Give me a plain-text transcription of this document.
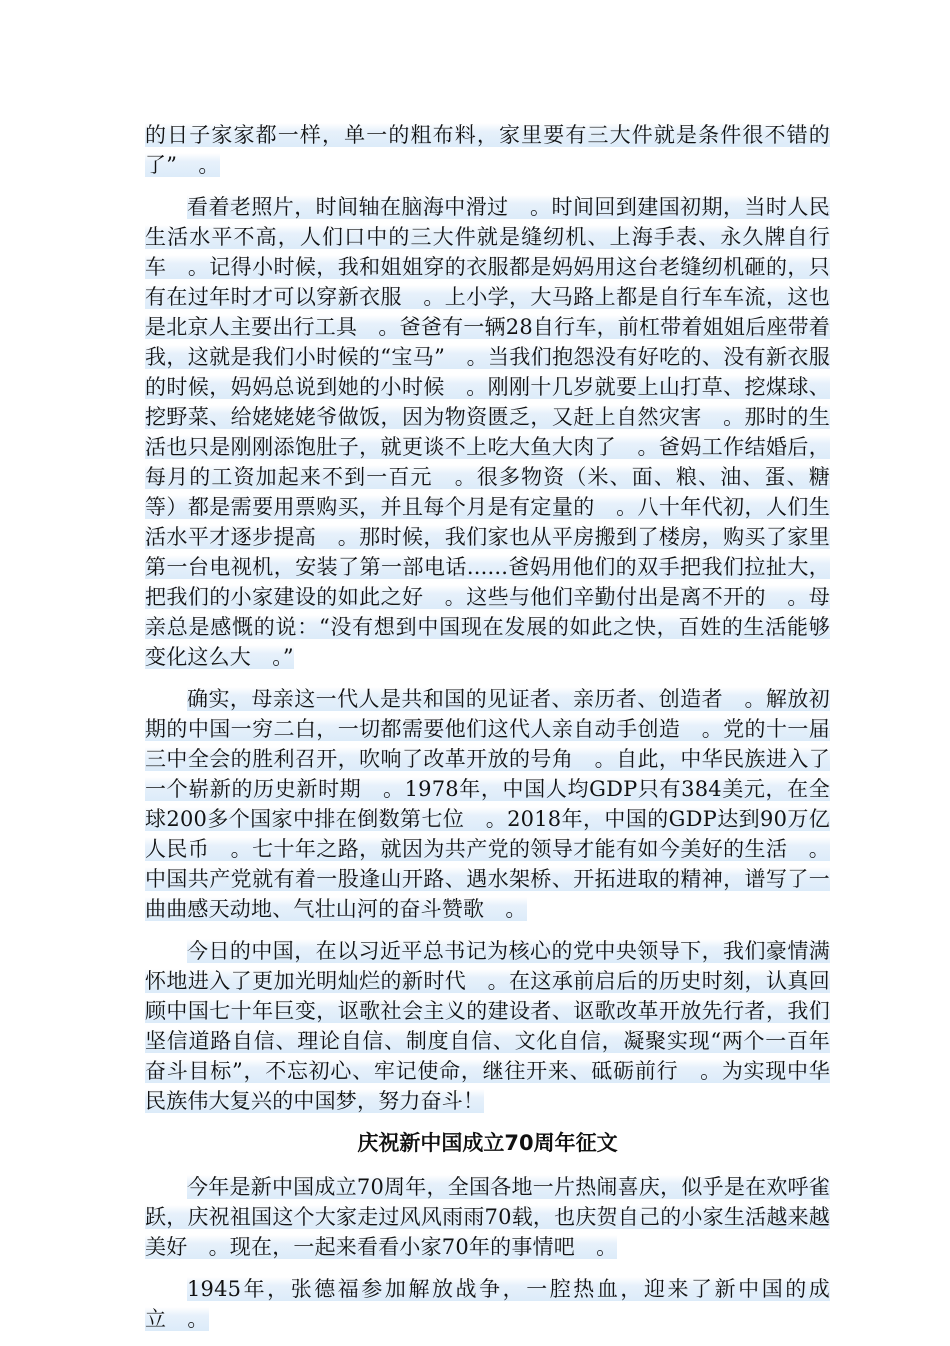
的日子家家都一样，单一的粗布料，家里要有三大件就是条件很不错的了”　。

看着老照片，时间轴在脑海中滑过　。时间回到建国初期，当时人民生活水平不高，人们口中的三大件就是缝纫机、上海手表、永久牌自行车　。记得小时候，我和姐姐穿的衣服都是妈妈用这台老缝纫机砸的，只有在过年时才可以穿新衣服　。上小学，大马路上都是自行车车流，这也是北京人主要出行工具　。爸爸有一辆28自行车，前杠带着姐姐后座带着我，这就是我们小时候的“宝马”　。当我们抱怨没有好吃的、没有新衣服的时候，妈妈总说到她的小时候　。刚刚十几岁就要上山打草、挖煤球、挖野菜、给姥姥姥爷做饭，因为物资匮乏，又赶上自然灾害　。那时的生活也只是刚刚添饱肚子，就更谈不上吃大鱼大肉了　。爸妈工作结婚后，每月的工资加起来不到一百元　。很多物资（米、面、粮、油、蛋、糖等）都是需要用票购买，并且每个月是有定量的　。八十年代初，人们生活水平才逐步提高　。那时候，我们家也从平房搬到了楼房，购买了家里第一台电视机，安装了第一部电话......爸妈用他们的双手把我们拉扯大，把我们的小家建设的如此之好　。这些与他们辛勤付出是离不开的　。母亲总是感慨的说：“没有想到中国现在发展的如此之快，百姓的生活能够变化这么大　。”

确实，母亲这一代人是共和国的见证者、亲历者、创造者　。解放初期的中国一穷二白，一切都需要他们这代人亲自动手创造　。党的十一届三中全会的胜利召开，吹响了改革开放的号角　。自此，中华民族进入了一个崭新的历史新时期　。1978年，中国人均GDP只有384美元，在全球200多个国家中排在倒数第七位　。2018年，中国的GDP达到90万亿人民币　。七十年之路，就因为共产党的领导才能有如今美好的生活　。中国共产党就有着一股逢山开路、遇水架桥、开拓进取的精神，谱写了一曲曲感天动地、气壮山河的奋斗赞歌　。

今日的中国，在以习近平总书记为核心的党中央领导下，我们豪情满怀地进入了更加光明灿烂的新时代　。在这承前启后的历史时刻，认真回顾中国七十年巨变，讴歌社会主义的建设者、讴歌改革开放先行者，我们坚信道路自信、理论自信、制度自信、文化自信，凝聚实现“两个一百年奋斗目标”，不忘初心、牢记使命，继往开来、砥砺前行　。为实现中华民族伟大复兴的中国梦，努力奋斗！

庆祝新中国成立70周年征文

今年是新中国成立70周年，全国各地一片热闹喜庆，似乎是在欢呼雀跃，庆祝祖国这个大家走过风风雨雨70载，也庆贺自己的小家生活越来越美好　。现在，一起来看看小家70年的事情吧　。

1945年，张德福参加解放战争，一腔热血，迎来了新中国的成立　。
